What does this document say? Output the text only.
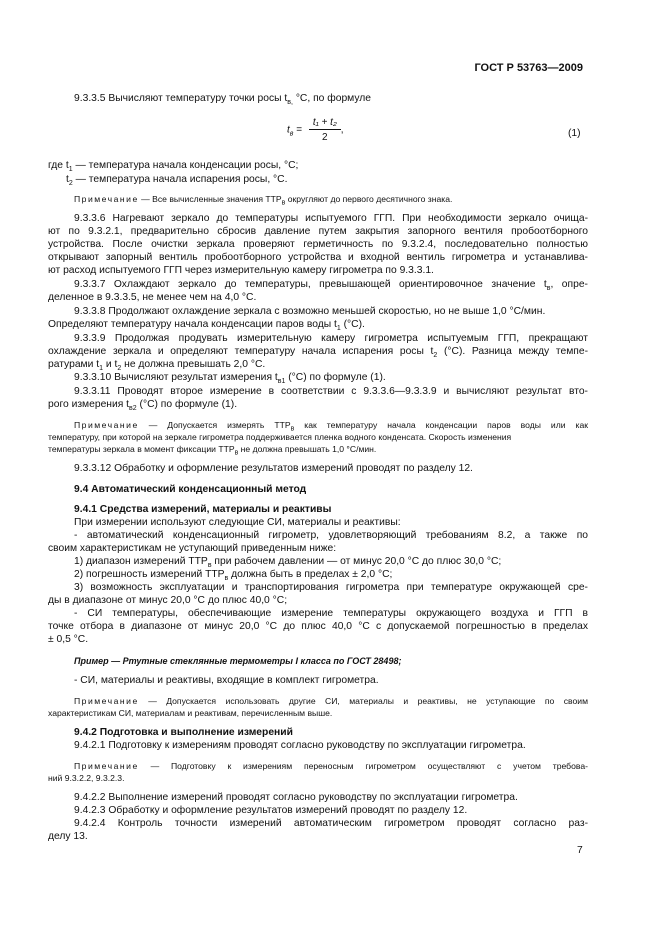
ГОСТ Р 53763—2009
9.3.3.5 Вычисляют температуру точки росы $t_{в,}$ °С, по формуле
$t_в = \frac{\text{t₁ + t₂}}{2}$ ,	(1)
где $t_1$ — температура начала конденсации росы, °С;
$t_2$ — температура начала испарения росы, °С.
Примечание — Все вычисленные значения $ТТР_в$ округляют до первого десятичного знака.
9.3.3.6 Нагревают зеркало до температуры испытуемого ГГП. При необходимости зеркало очища-
ют по 9.3.2.1, предварительно сбросив давление путем закрытия запорного вентиля пробоотборного
устройства. После очистки зеркала проверяют герметичность по 9.3.2.4, последовательно полностью
открывают запорный вентиль пробоотборного устройства и входной вентиль гигрометра и устанавлива-
ют расход испытуемого ГГП через измерительную камеру гигрометра по 9.3.3.1.
9.3.3.7 Охлаждают зеркало до температуры, превышающей ориентировочное значение $t_в$, опре-
деленное в 9.3.3.5, не менее чем на 4,0 °С.
9.3.3.8 Продолжают охлаждение зеркала с возможно меньшей скоростью, но не выше 1,0 °С/мин.
Определяют температуру начала конденсации паров воды $t_1$ (°С).
9.3.3.9 Продолжая продувать измерительную камеру гигрометра испытуемым ГГП, прекращают
охлаждение зеркала и определяют температуру начала испарения росы $t_2$ (°С). Разница между темпе-
ратурами $t_1$ и $t_2$ не должна превышать 2,0 °С.
9.3.3.10 Вычисляют результат измерения $t_{в1}$ (°С) по формуле (1).
9.3.3.11 Проводят второе измерение в соответствии с 9.3.3.6—9.3.3.9 и вычисляют результат вто-
рого измерения $t_{в2}$ (°С) по формуле (1).
Примечание — Допускается измерять $ТТР_в$ как температуру начала конденсации паров воды или как
температуру, при которой на зеркале гигрометра поддерживается пленка водного конденсата. Скорость изменения
температуры зеркала в момент фиксации $ТТР_в$ не должна превышать 1,0 °С/мин.
9.3.3.12 Обработку и оформление результатов измерений проводят по разделу 12.
9.4 Автоматический конденсационный метод
9.4.1 Средства измерений, материалы и реактивы
При измерении используют следующие СИ, материалы и реактивы:
- автоматический конденсационный гигрометр, удовлетворяющий требованиям 8.2, а также по
своим характеристикам не уступающий приведенным ниже:
1) диапазон измерений $ТТР_в$ при рабочем давлении — от минус 20,0 °С до плюс 30,0 °С;
2) погрешность измерений $ТТР_в$ должна быть в пределах ± 2,0 °С;
3) возможность эксплуатации и транспортирования гигрометра при температуре окружающей сре-
ды в диапазоне от минус 20,0 °С до плюс 40,0 °С;
- СИ температуры, обеспечивающие измерение температуры окружающего воздуха и ГГП в
точке отбора в диапазоне от минус 20,0 °С до плюс 40,0 °С с допускаемой погрешностью в пределах
± 0,5 °С.
Пример — Ртутные стеклянные термометры I класса по ГОСТ 28498;
- СИ, материалы и реактивы, входящие в комплект гигрометра.
Примечание — Допускается использовать другие СИ, материалы и реактивы, не уступающие по своим
характеристикам СИ, материалам и реактивам, перечисленным выше.
9.4.2 Подготовка и выполнение измерений
9.4.2.1 Подготовку к измерениям проводят согласно руководству по эксплуатации гигрометра.
Примечание — Подготовку к измерениям переносным гигрометром осуществляют с учетом требова-
ний 9.3.2.2, 9.3.2.3.
9.4.2.2 Выполнение измерений проводят согласно руководству по эксплуатации гигрометра.
9.4.2.3 Обработку и оформление результатов измерений проводят по разделу 12.
9.4.2.4 Контроль точности измерений автоматическим гигрометром проводят согласно раз-
делу 13.
7
